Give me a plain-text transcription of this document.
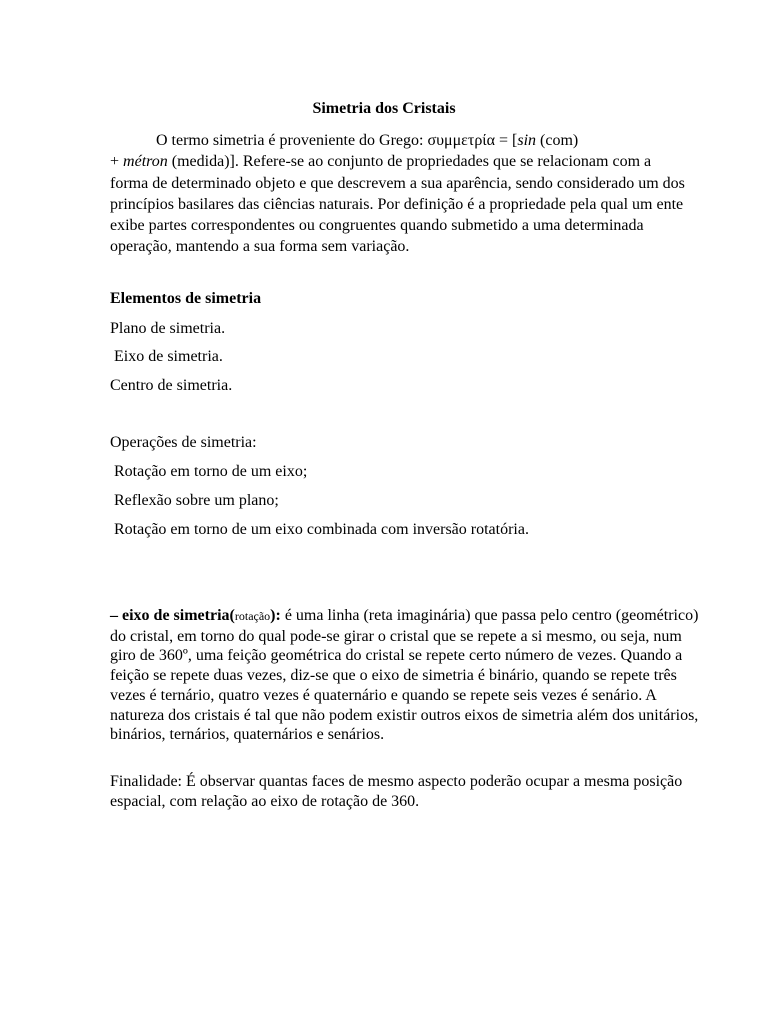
Simetria dos Cristais

O termo simetria é proveniente do Grego: συμμετρία = [sin (com)
+ métron (medida)]. Refere-se ao conjunto de propriedades que se relacionam com a forma de determinado objeto e que descrevem a sua aparência, sendo considerado um dos princípios basilares das ciências naturais. Por definição é a propriedade pela qual um ente exibe partes correspondentes ou congruentes quando submetido a uma determinada operação, mantendo a sua forma sem variação.

Elementos de simetria
Plano de simetria.
Eixo de simetria.
Centro de simetria.
Operações de simetria:
Rotação em torno de um eixo;
Reflexão sobre um plano;
Rotação em torno de um eixo combinada com inversão rotatória.

– eixo de simetria(rotação): é uma linha (reta imaginária) que passa pelo centro (geométrico) do cristal, em torno do qual pode-se girar o cristal que se repete a si mesmo, ou seja, num giro de 360º, uma feição geométrica do cristal se repete certo número de vezes. Quando a feição se repete duas vezes, diz-se que o eixo de simetria é binário, quando se repete três vezes é ternário, quatro vezes é quaternário e quando se repete seis vezes é senário. A natureza dos cristais é tal que não podem existir outros eixos de simetria além dos unitários, binários, ternários, quaternários e senários.

Finalidade: É observar quantas faces de mesmo aspecto poderão ocupar a mesma posição espacial, com relação ao eixo de rotação de 360.
